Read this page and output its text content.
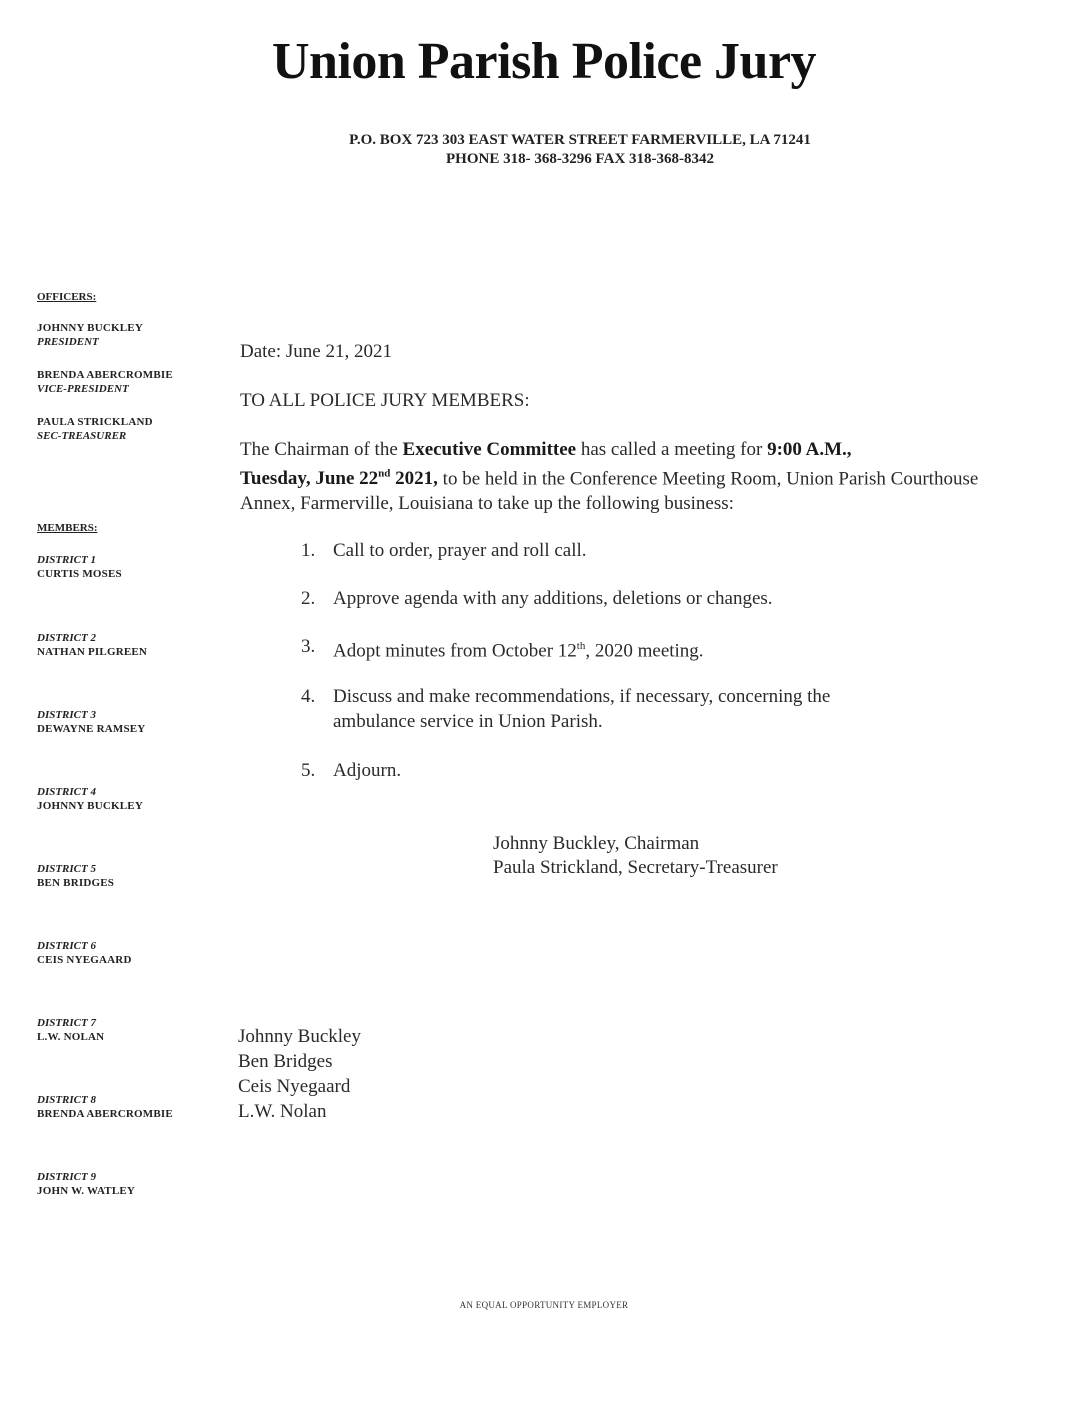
Union Parish Police Jury
P.O. BOX 723 303 EAST WATER STREET FARMERVILLE, LA 71241
PHONE 318- 368-3296 FAX 318-368-8342
OFFICERS:
JOHNNY BUCKLEY
PRESIDENT
BRENDA ABERCROMBIE
VICE-PRESIDENT
PAULA STRICKLAND
SEC-TREASURER
MEMBERS:
DISTRICT 1
CURTIS MOSES
DISTRICT 2
NATHAN PILGREEN
DISTRICT 3
DEWAYNE RAMSEY
DISTRICT 4
JOHNNY BUCKLEY
DISTRICT 5
BEN BRIDGES
DISTRICT 6
CEIS NYEGAARD
DISTRICT 7
L.W. NOLAN
DISTRICT 8
BRENDA ABERCROMBIE
DISTRICT 9
JOHN W. WATLEY
Date: June 21, 2021
TO ALL POLICE JURY MEMBERS:
The Chairman of the Executive Committee has called a meeting for 9:00 A.M.,
Tuesday, June 22nd 2021, to be held in the Conference Meeting Room, Union Parish Courthouse Annex, Farmerville, Louisiana to take up the following business:
1. Call to order, prayer and roll call.
2. Approve agenda with any additions, deletions or changes.
3. Adopt minutes from October 12th, 2020 meeting.
4. Discuss and make recommendations, if necessary, concerning the ambulance service in Union Parish.
5. Adjourn.
Johnny Buckley, Chairman
Paula Strickland, Secretary-Treasurer
Johnny Buckley
Ben Bridges
Ceis Nyegaard
L.W. Nolan
AN EQUAL OPPORTUNITY EMPLOYER
